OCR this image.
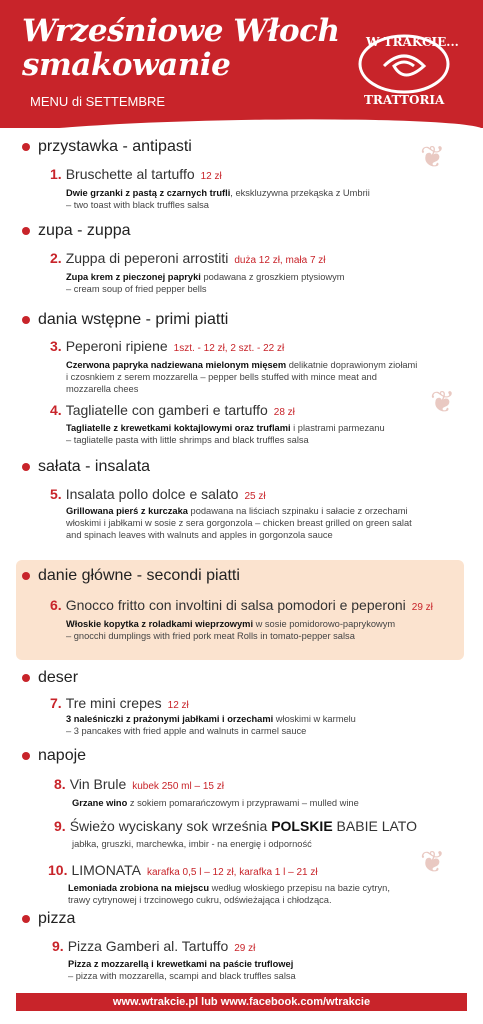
Wrześniowe Włoch
smakowanie
MENU di SETTEMBRE
W TRAKCIE...
TRATTORIA
❦
❦
❦
przystawka - antipasti
1. Bruschette al tartuffo 12 zł
Dwie grzanki z pastą z czarnych trufli, ekskluzywna przekąska z Umbrii
– two toast with black truffles salsa
zupa - zuppa
2. Zuppa di peperoni arrostiti duża 12 zł, mała 7 zł
Zupa krem z pieczonej papryki podawana z groszkiem ptysiowym
– cream soup of fried pepper bells
dania wstępne - primi piatti
3. Peperoni ripiene 1szt. - 12 zł, 2 szt. - 22 zł
Czerwona papryka nadziewana mielonym mięsem delikatnie doprawionym ziołami
i czosnkiem z serem mozzarella – pepper bells stuffed with mince meat and
mozzarella chees
4. Tagliatelle con gamberi e tartuffo 28 zł
Tagliatelle z krewetkami koktajlowymi oraz truflami i plastrami parmezanu
– tagliatelle pasta with little shrimps and black truffles salsa
sałata - insalata
5. Insalata pollo dolce e salato 25 zł
Grillowana pierś z kurczaka podawana na liściach szpinaku i sałacie z orzechami
włoskimi i jabłkami w sosie z sera gorgonzola – chicken breast grilled on green salat
and spinach leaves with walnuts and apples in gorgonzola sauce
danie główne - secondi piatti
6. Gnocco fritto con involtini di salsa pomodori e peperoni 29 zł
Włoskie kopytka z roladkami wieprzowymi w sosie pomidorowo-paprykowym
– gnocchi dumplings with fried pork meat Rolls in tomato-pepper salsa
deser
7. Tre mini crepes 12 zł
3 naleśniczki z prażonymi jabłkami i orzechami włoskimi w karmelu
– 3 pancakes with fried apple and walnuts in carmel sauce
napoje
8. Vin Brule kubek 250 ml – 15 zł
Grzane wino z sokiem pomarańczowym i przyprawami – mulled wine
9. Świeżo wyciskany sok września POLSKIE BABIE LATO
jabłka, gruszki, marchewka, imbir - na energię i odporność
10. LIMONATA karafka 0,5 l – 12 zł, karafka 1 l – 21 zł
Lemoniada zrobiona na miejscu według włoskiego przepisu na bazie cytryn,
trawy cytrynowej i trzcinowego cukru, odświeżająca i chłodząca.
pizza
9. Pizza Gamberi al. Tartuffo 29 zł
Pizza z mozzarellą i krewetkami na paście truflowej
– pizza with mozzarella, scampi and black truffles salsa
www.wtrakcie.pl lub www.facebook.com/wtrakcie
